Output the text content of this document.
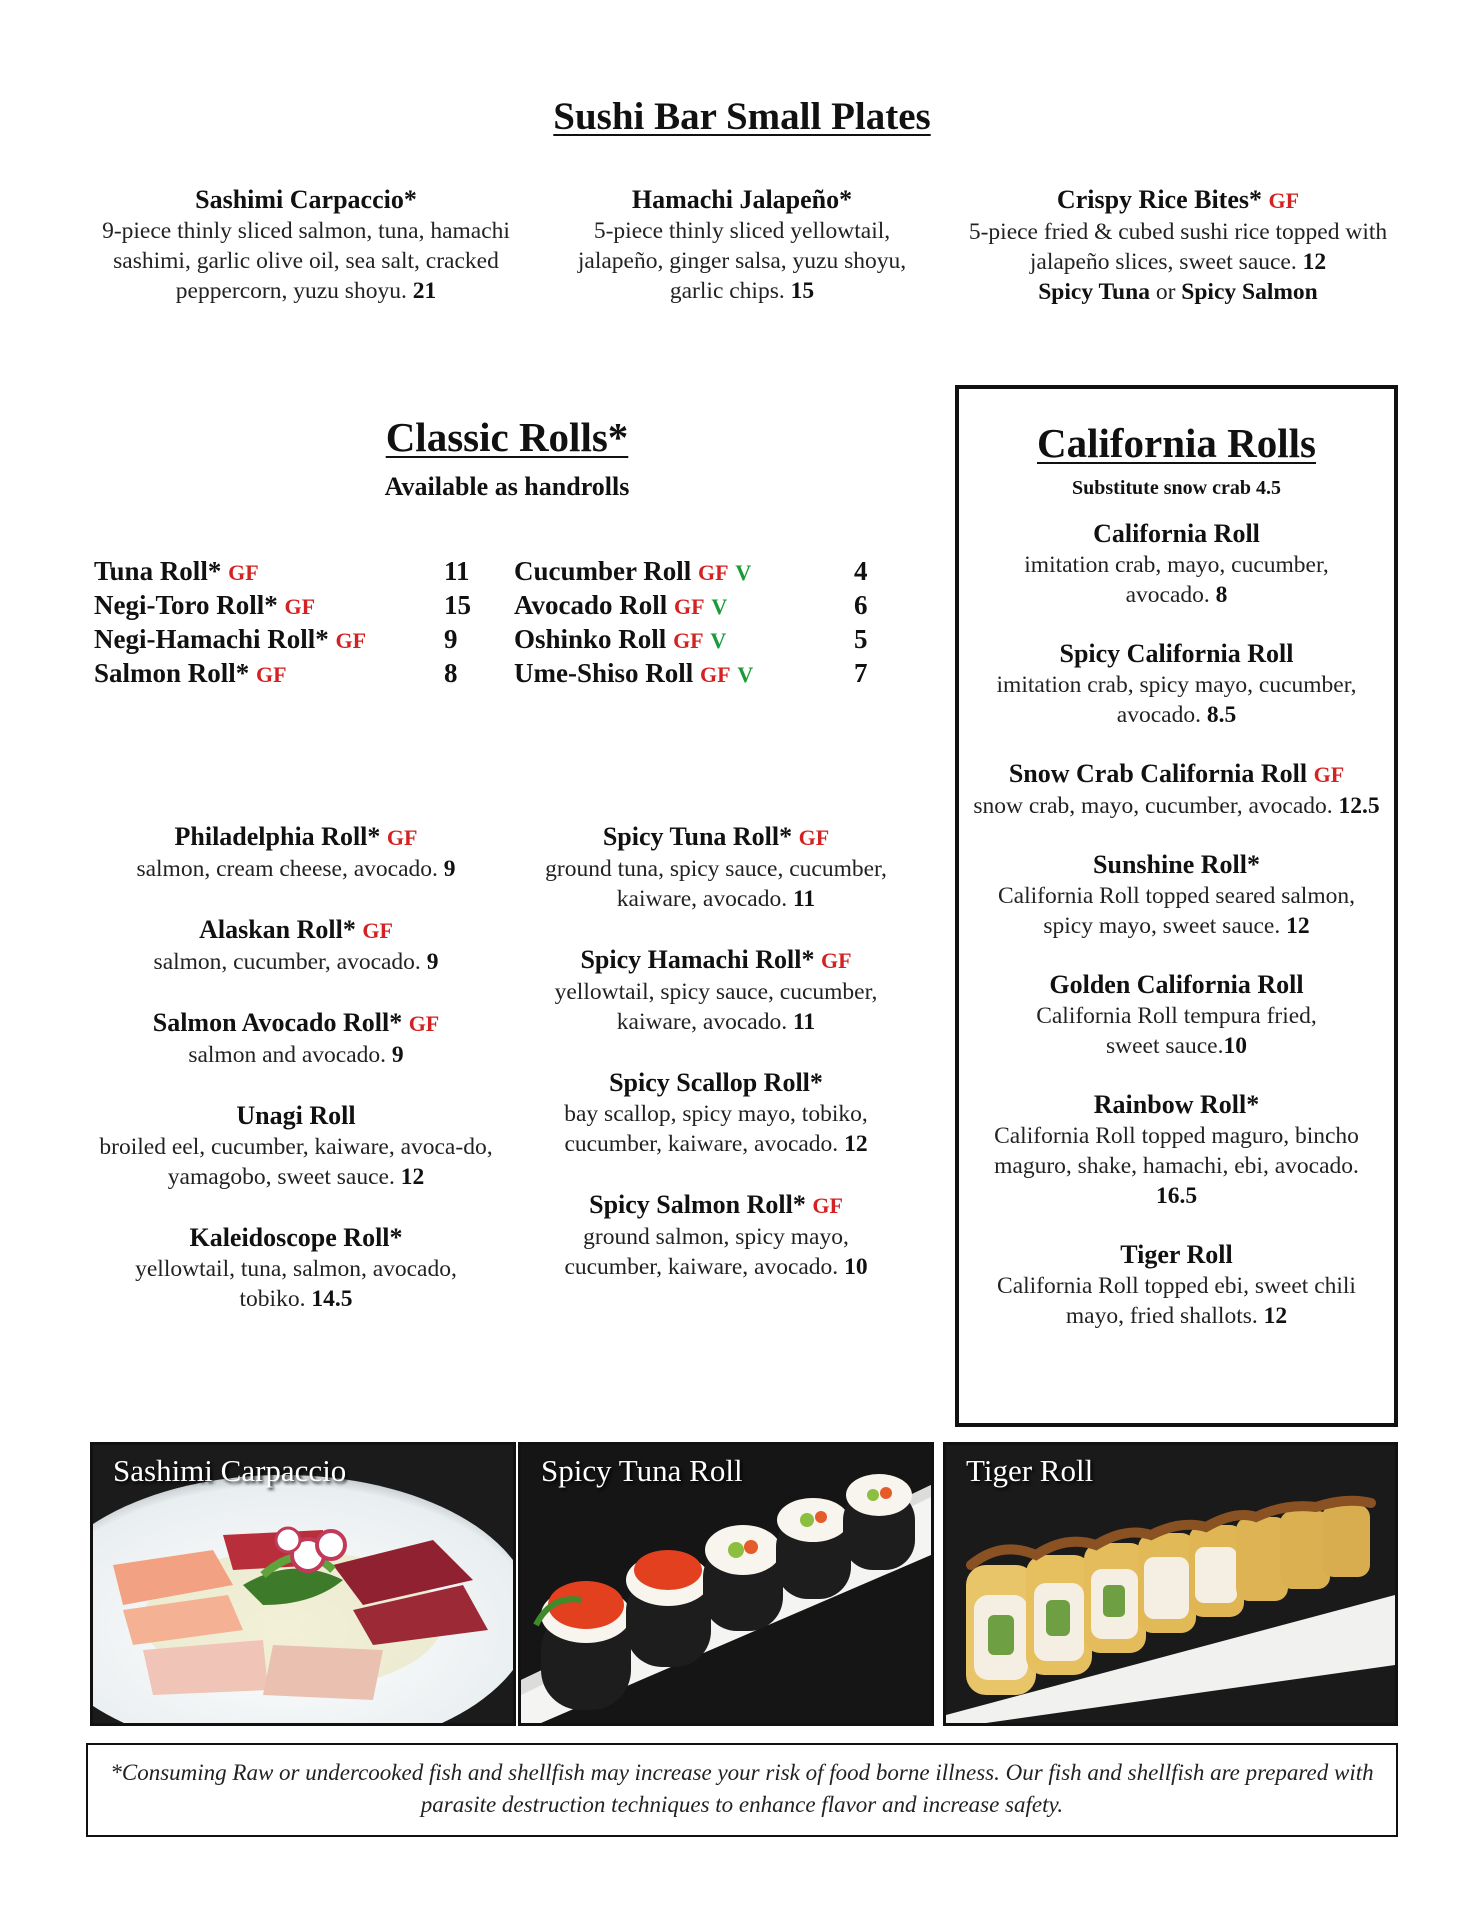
Sushi Bar Small Plates
Sashimi Carpaccio*
9-piece thinly sliced salmon, tuna, hamachi sashimi, garlic olive oil, sea salt, cracked peppercorn, yuzu shoyu. 21
Hamachi Jalapeño*
5-piece thinly sliced yellowtail, jalapeño, ginger salsa, yuzu shoyu, garlic chips. 15
Crispy Rice Bites* GF
5-piece fried & cubed sushi rice topped with jalapeño slices, sweet sauce. 12
Spicy Tuna or Spicy Salmon
Classic Rolls*
Available as handrolls
Tuna Roll* GF	11
Negi-Toro Roll* GF	15
Negi-Hamachi Roll* GF	9
Salmon Roll* GF	8
Cucumber Roll GF V	4
Avocado Roll GF V	6
Oshinko Roll GF V	5
Ume-Shiso Roll GF V	7
Philadelphia Roll* GF
salmon, cream cheese, avocado. 9
Alaskan Roll* GF
salmon, cucumber, avocado. 9
Salmon Avocado Roll* GF
salmon and avocado. 9
Unagi Roll
broiled eel, cucumber, kaiware, avoca-do, yamagobo, sweet sauce. 12
Kaleidoscope Roll*
yellowtail, tuna, salmon, avocado, tobiko. 14.5
Spicy Tuna Roll* GF
ground tuna, spicy sauce, cucumber, kaiware, avocado. 11
Spicy Hamachi Roll* GF
yellowtail, spicy sauce, cucumber, kaiware, avocado. 11
Spicy Scallop Roll*
bay scallop, spicy mayo, tobiko, cucumber, kaiware, avocado. 12
Spicy Salmon Roll* GF
ground salmon, spicy mayo, cucumber, kaiware, avocado. 10
California Rolls
Substitute snow crab 4.5
California Roll
imitation crab, mayo, cucumber, avocado. 8
Spicy California Roll
imitation crab, spicy mayo, cucumber, avocado. 8.5
Snow Crab California Roll GF
snow crab, mayo, cucumber, avocado. 12.5
Sunshine Roll*
California Roll topped seared salmon, spicy mayo, sweet sauce. 12
Golden California Roll
California Roll tempura fried, sweet sauce.10
Rainbow Roll*
California Roll topped maguro, bincho maguro, shake, hamachi, ebi, avocado. 16.5
Tiger Roll
California Roll topped ebi, sweet chili mayo, fried shallots. 12
Sashimi Carpaccio	Spicy Tuna Roll	Tiger Roll
*Consuming Raw or undercooked fish and shellfish may increase your risk of food borne illness. Our fish and shellfish are prepared with parasite destruction techniques to enhance flavor and increase safety.
